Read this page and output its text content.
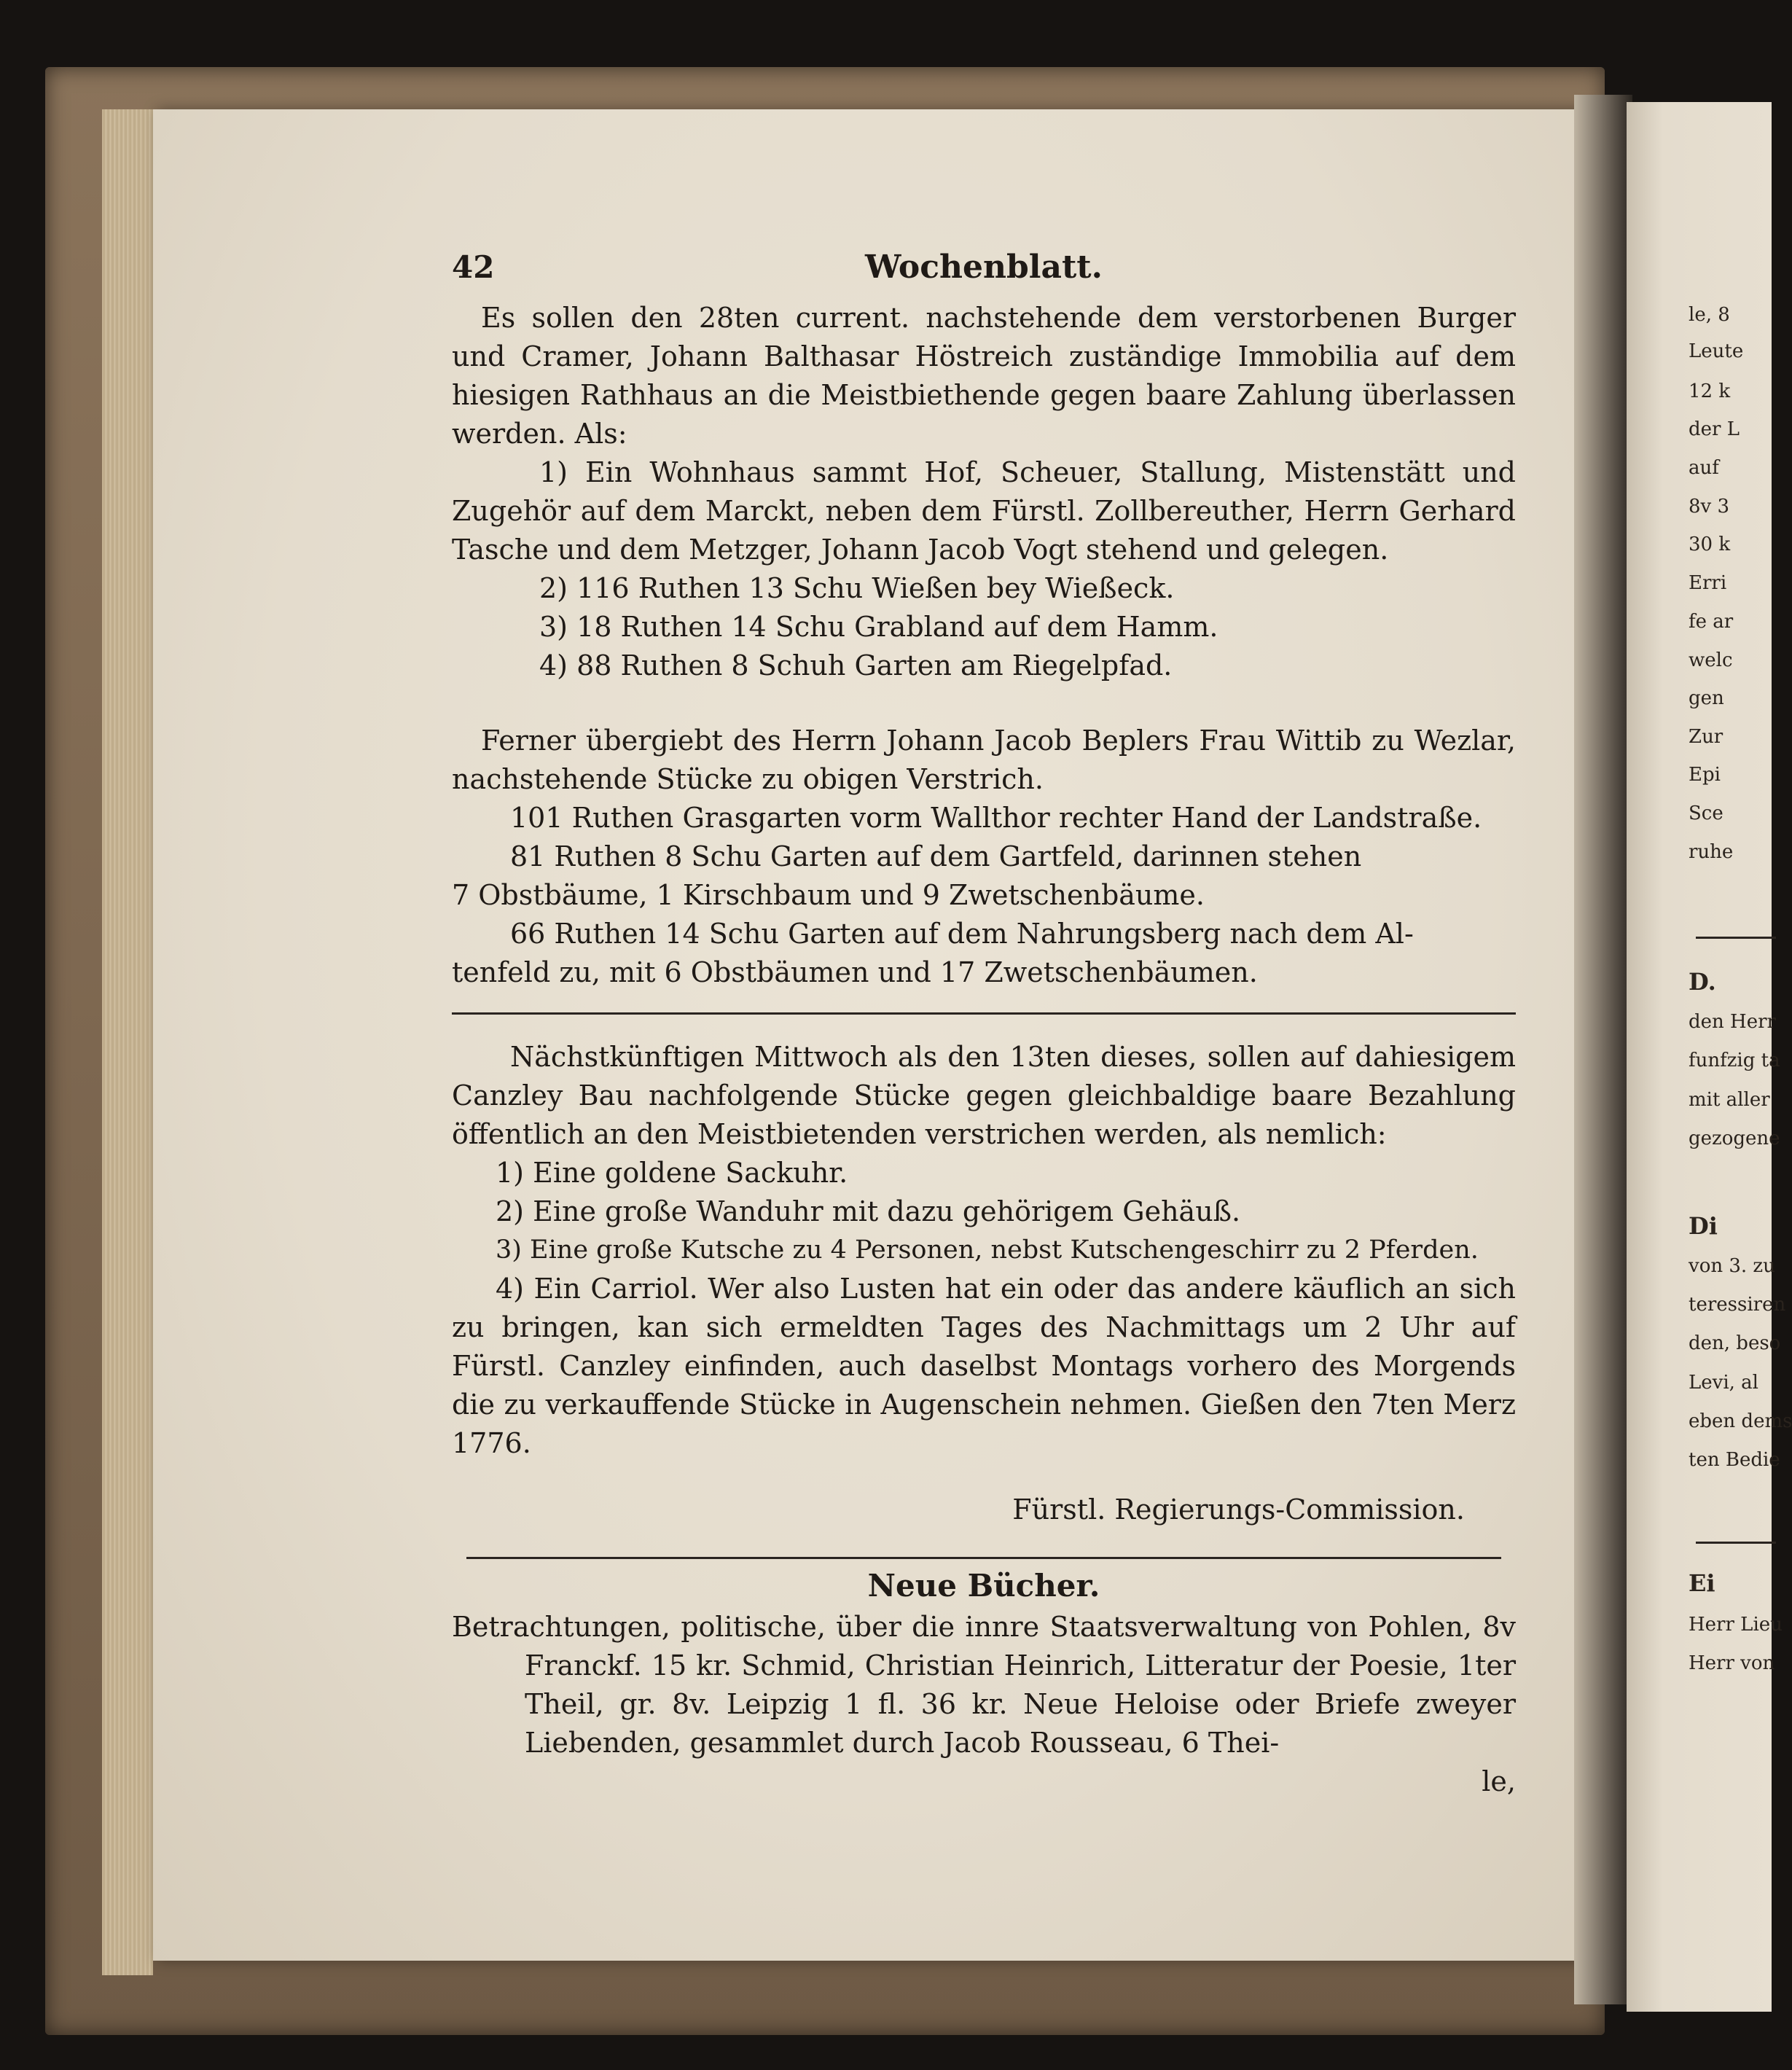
le, 8
Leute
12 k
der L
auf
8v 3
30 k
Erri
fe ar
welc
gen
Zur
Epi
Sce
ruhe
D.
den Herr
funfzig ta
mit aller
gezogene
Di
von 3. zu
teressiren
den, beso
Levi, al
eben dems
ten Bedie
Ei
Herr Lieu
Herr von
42	Wochenblatt.

Es sollen den 28ten current. nachstehende dem verstorbenen Burger und Cramer, Johann Balthasar Höstreich zuständige Immobilia auf dem hiesigen Rathhaus an die Meistbiethende gegen baare Zahlung überlassen werden. Als:

1) Ein Wohnhaus sammt Hof, Scheuer, Stallung, Mistenstätt und Zugehör auf dem Marckt, neben dem Fürstl. Zollbereuther, Herrn Gerhard Tasche und dem Metzger, Johann Jacob Vogt stehend und gelegen.

2) 116 Ruthen 13 Schu Wießen bey Wießeck.

3) 18 Ruthen 14 Schu Grabland auf dem Hamm.

4) 88 Ruthen 8 Schuh Garten am Riegelpfad.

Ferner übergiebt des Herrn Johann Jacob Beplers Frau Wittib zu Wezlar, nachstehende Stücke zu obigen Verstrich.

101 Ruthen Grasgarten vorm Wallthor rechter Hand der Landstraße.

81 Ruthen 8 Schu Garten auf dem Gartfeld, darinnen stehen

7 Obstbäume, 1 Kirschbaum und 9 Zwetschenbäume.

66 Ruthen 14 Schu Garten auf dem Nahrungsberg nach dem Al-

tenfeld zu, mit 6 Obstbäumen und 17 Zwetschenbäumen.

Nächstkünftigen Mittwoch als den 13ten dieses, sollen auf dahiesigem Canzley Bau nachfolgende Stücke gegen gleichbaldige baare Bezahlung öffentlich an den Meistbietenden verstrichen werden, als nemlich:

1) Eine goldene Sackuhr.

2) Eine große Wanduhr mit dazu gehörigem Gehäuß.

3) Eine große Kutsche zu 4 Personen, nebst Kutschengeschirr zu 2 Pferden.

4) Ein Carriol. Wer also Lusten hat ein oder das andere käuflich an sich zu bringen, kan sich ermeldten Tages des Nachmittags um 2 Uhr auf Fürstl. Canzley einfinden, auch daselbst Montags vorhero des Morgends die zu verkauffende Stücke in Augenschein nehmen. Gießen den 7ten Merz 1776.

Fürstl. Regierungs-Commission.

Neue Bücher.

Betrachtungen, politische, über die innre Staatsverwaltung von Pohlen, 8v Franckf. 15 kr. Schmid, Christian Heinrich, Litteratur der Poesie, 1ter Theil, gr. 8v. Leipzig 1 fl. 36 kr. Neue Heloise oder Briefe zweyer Liebenden, gesammlet durch Jacob Rousseau, 6 Thei-

le,
